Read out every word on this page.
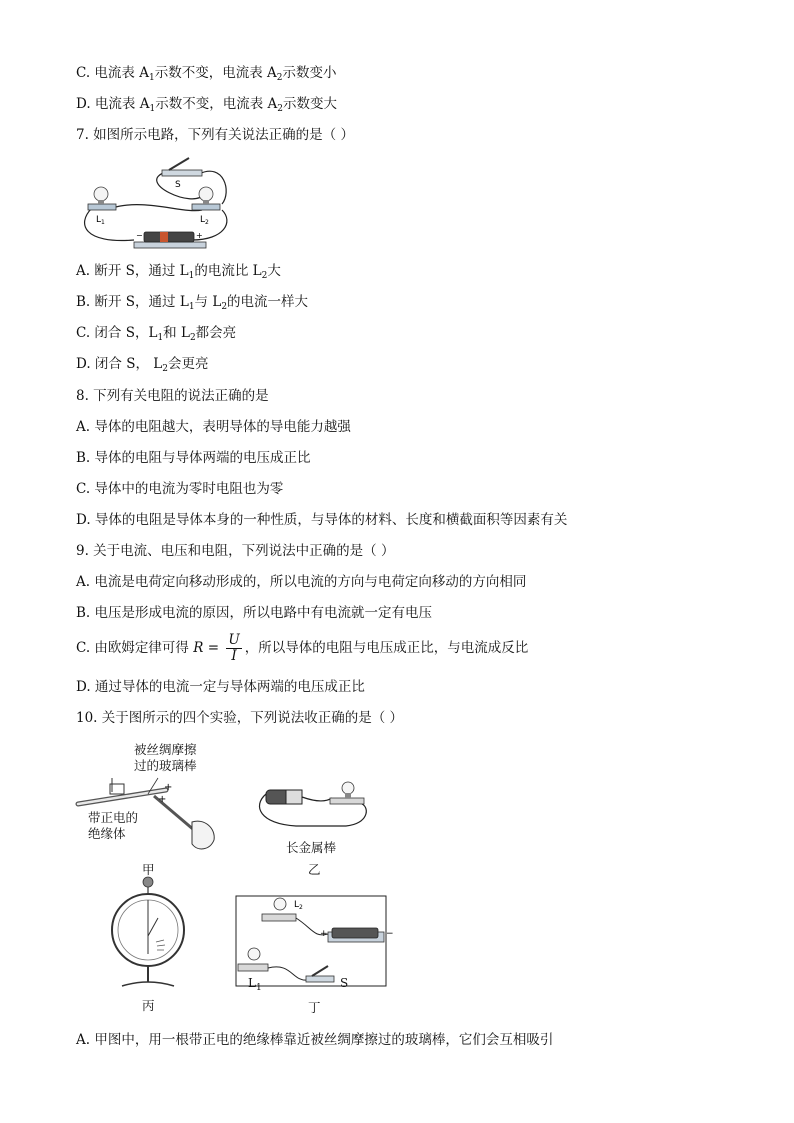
C. 电流表 $A_1$示数不变，电流表 $A_2$示数变小
D. 电流表 $A_1$示数不变，电流表 $A_2$示数变大
7. 如图所示电路，下列有关说法正确的是（ ）
A. 断开 S，通过 $L_1$的电流比 $L_2$大
B. 断开 S，通过 $L_1$与 $L_2$的电流一样大
C. 闭合 S，$L_1$和 $L_2$都会亮
D. 闭合 S， $L_2$会更亮
8. 下列有关电阻的说法正确的是
A. 导体的电阻越大，表明导体的导电能力越强
B. 导体的电阻与导体两端的电压成正比
C. 导体中的电流为零时电阻也为零
D. 导体的电阻是导体本身的一种性质，与导体的材料、长度和横截面积等因素有关
9. 关于电流、电压和电阻，下列说法中正确的是（ ）
A. 电流是电荷定向移动形成的，所以电流的方向与电荷定向移动的方向相同
B. 电压是形成电流的原因，所以电路中有电流就一定有电压
C. 由欧姆定律可得 $R = \frac{U}{I}$ ，所以导体的电阻与电压成正比，与电流成反比
D. 通过导体的电流一定与导体两端的电压成正比
10. 关于图所示的四个实验，下列说法收正确的是（ ）
A. 甲图中，用一根带正电的绝缘棒靠近被丝绸摩擦过的玻璃棒，它们会互相吸引
S
$L_1$	$L_2$
−	+
+
+
被丝绸摩擦
过的玻璃棒
带正电的
绝缘体
长金属棒
乙
甲
丙
$L_2$
+	−
$L_1$	S
丁
